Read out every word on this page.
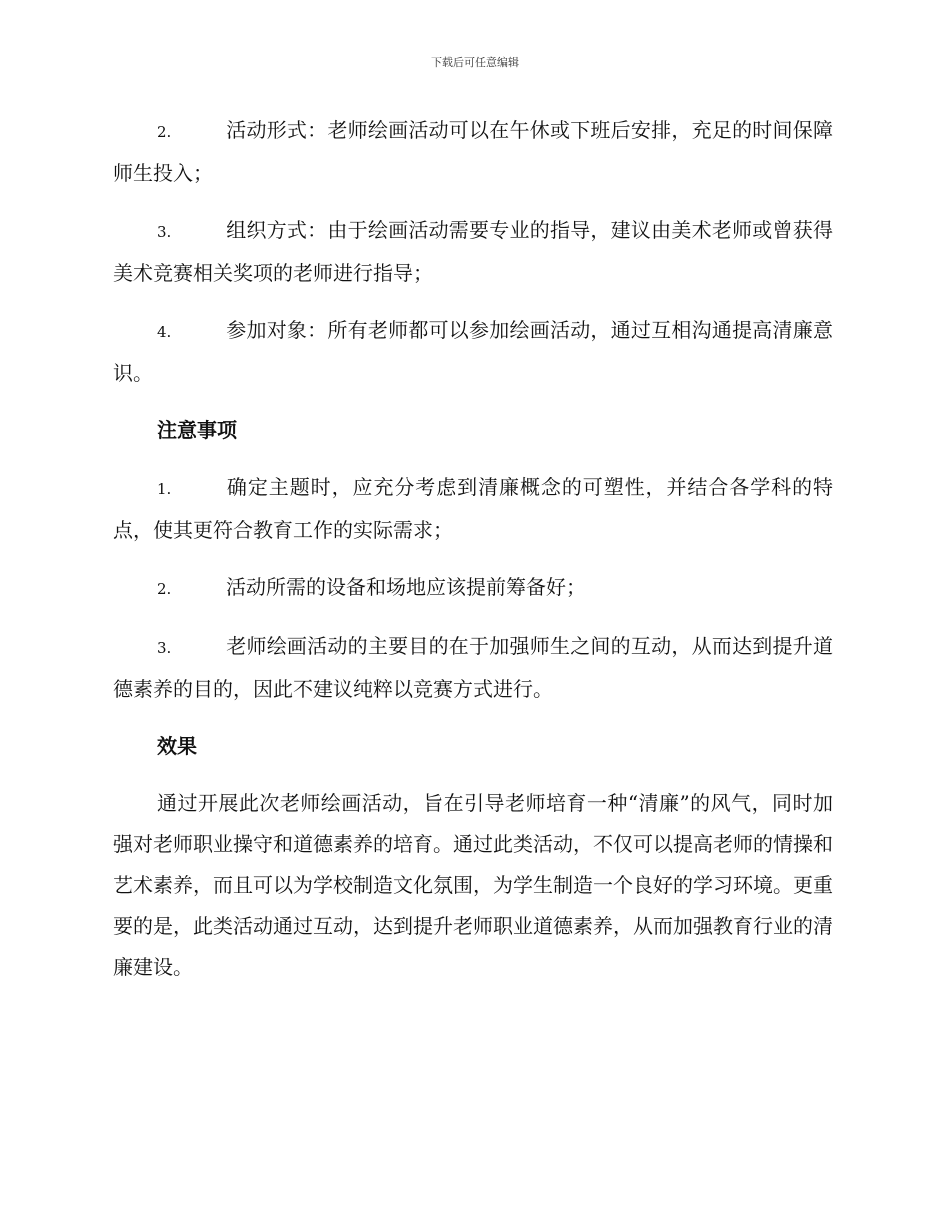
下载后可任意编辑

2.	活动形式：老师绘画活动可以在午休或下班后安排，充足的时间保障师生投入；

3.	组织方式：由于绘画活动需要专业的指导，建议由美术老师或曾获得美术竞赛相关奖项的老师进行指导；

4.	参加对象：所有老师都可以参加绘画活动，通过互相沟通提高清廉意识。

注意事项

1.	确定主题时，应充分考虑到清廉概念的可塑性，并结合各学科的特点，使其更符合教育工作的实际需求；

2.	活动所需的设备和场地应该提前筹备好；

3.	老师绘画活动的主要目的在于加强师生之间的互动，从而达到提升道德素养的目的，因此不建议纯粹以竞赛方式进行。

效果

通过开展此次老师绘画活动，旨在引导老师培育一种“清廉”的风气，同时加强对老师职业操守和道德素养的培育。通过此类活动，不仅可以提高老师的情操和艺术素养，而且可以为学校制造文化氛围，为学生制造一个良好的学习环境。更重要的是，此类活动通过互动，达到提升老师职业道德素养，从而加强教育行业的清廉建设。
